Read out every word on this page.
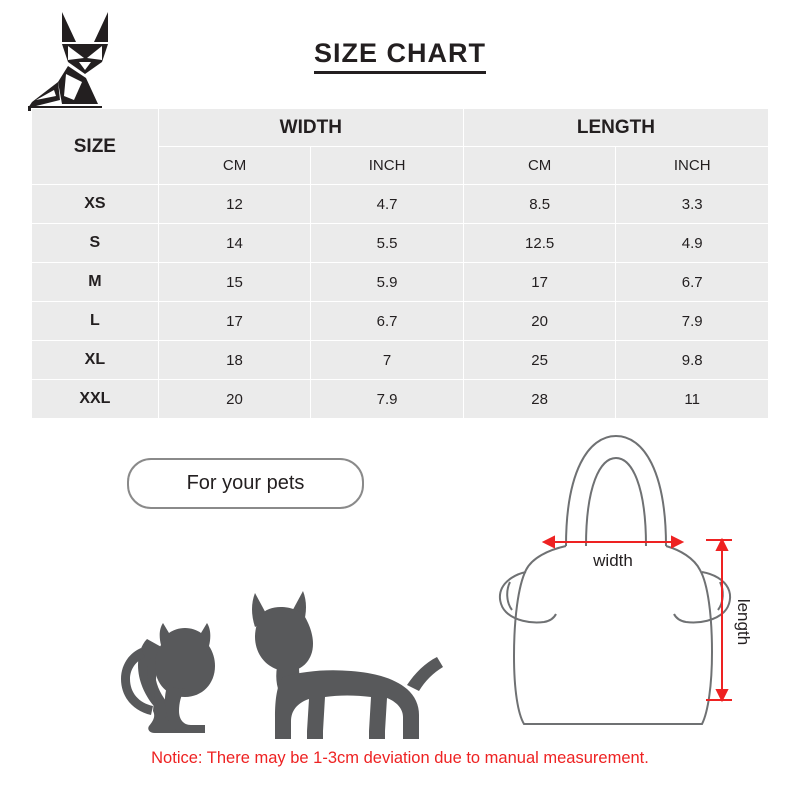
SIZE CHART
SIZE	WIDTH		LENGTH	
	CM	INCH	CM	INCH
XS	12	4.7	8.5	3.3
S	14	5.5	12.5	4.9
M	15	5.9	17	6.7
L	17	6.7	20	7.9
XL	18	7	25	9.8
XXL	20	7.9	28	11
For your pets
width
length
Notice: There may be 1-3cm deviation due to manual measurement.
